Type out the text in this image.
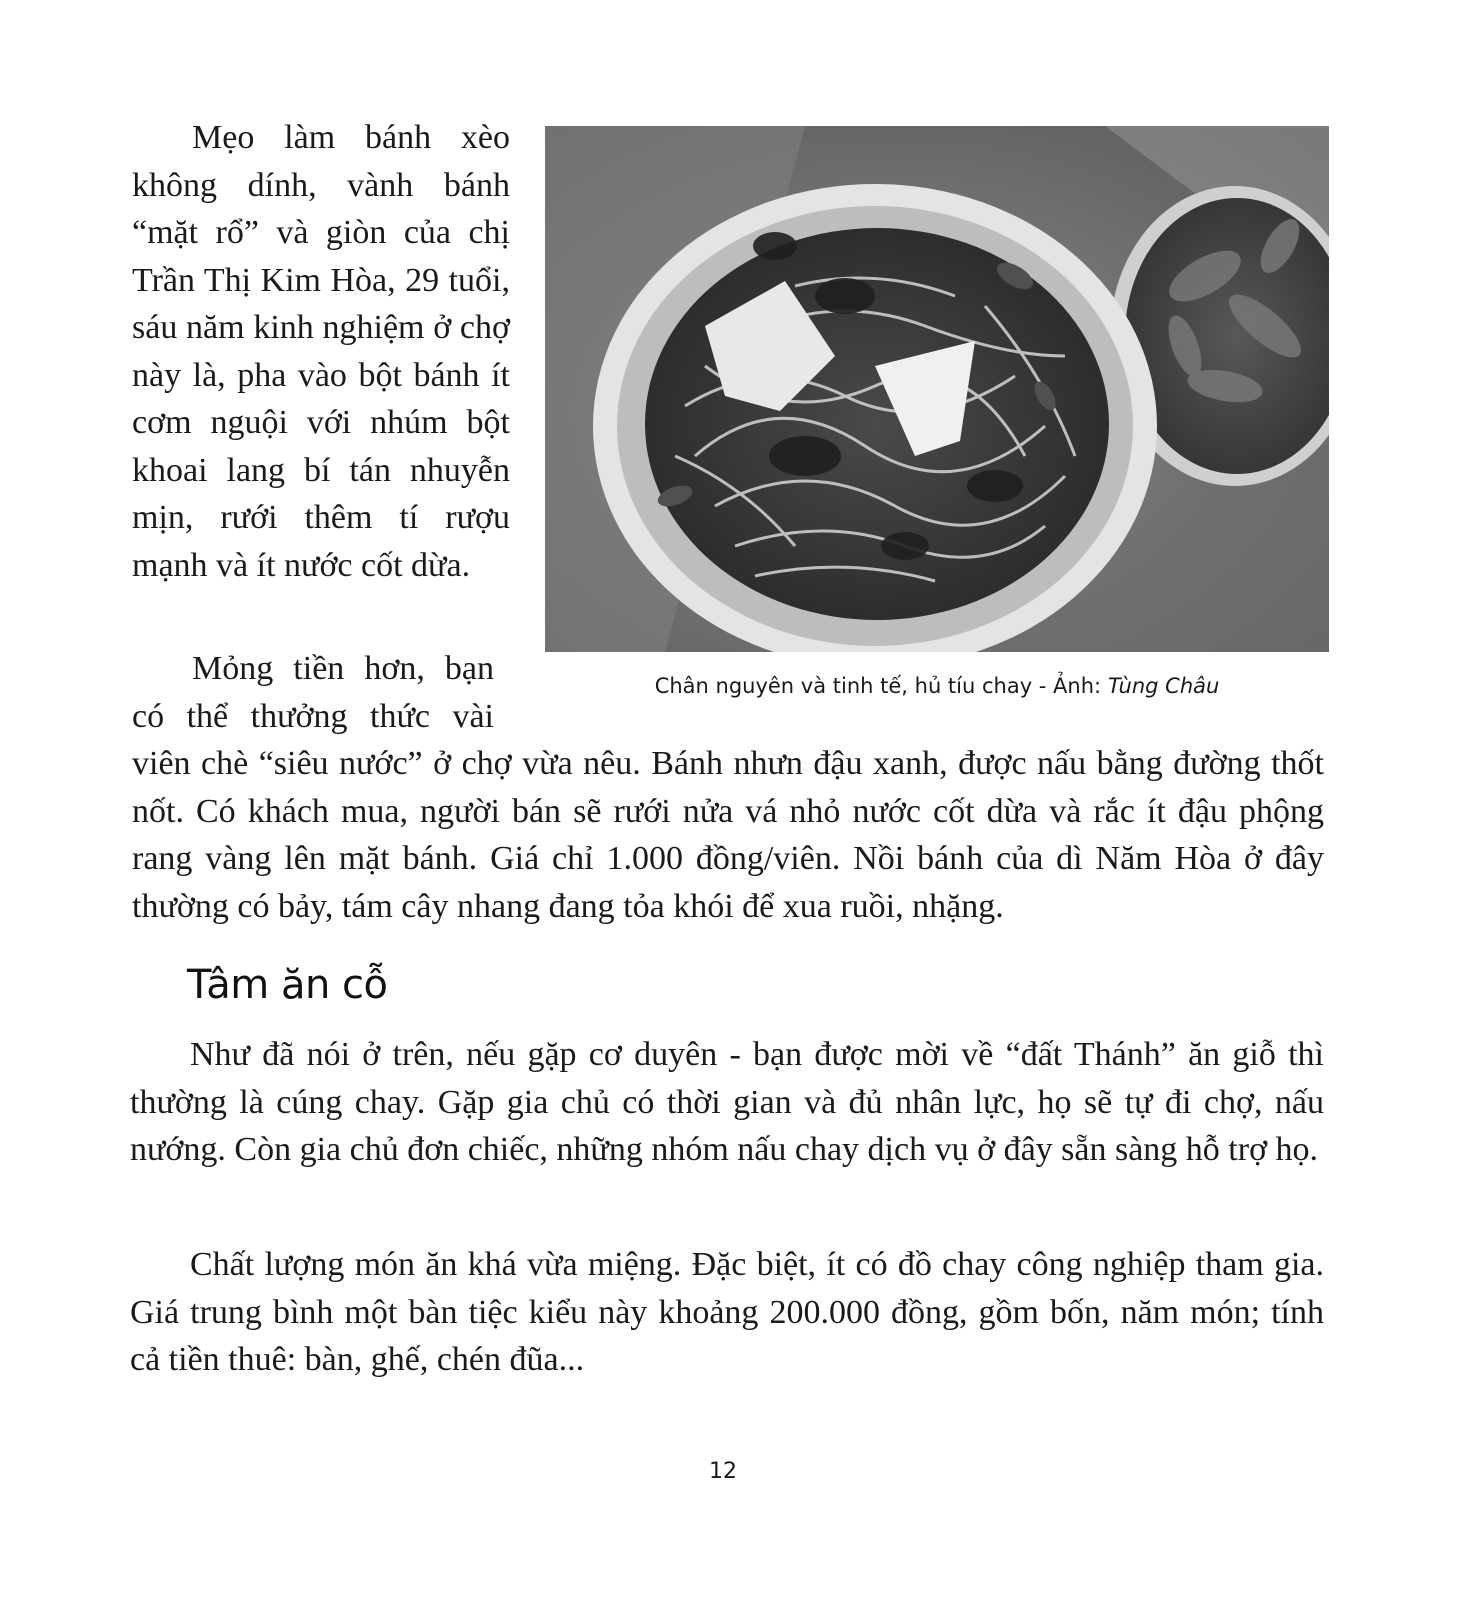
Mẹo làm bánh xèo không dính, vành bánh “mặt rổ” và giòn của chị Trần Thị Kim Hòa, 29 tuổi, sáu năm kinh nghiệm ở chợ này là, pha vào bột bánh ít cơm nguội với nhúm bột khoai lang bí tán nhuyễn mịn, rưới thêm tí rượu mạnh và ít nước cốt dừa.

Chân nguyên và tinh tế, hủ tíu chay - Ảnh: Tùng Châu

Mỏng tiền hơn, bạn có thể thưởng thức vài viên chè “siêu nước” ở chợ vừa nêu. Bánh nhưn đậu xanh, được nấu bằng đường thốt nốt. Có khách mua, người bán sẽ rưới nửa vá nhỏ nước cốt dừa và rắc ít đậu phộng rang vàng lên mặt bánh. Giá chỉ 1.000 đồng/viên. Nồi bánh của dì Năm Hòa ở đây thường có bảy, tám cây nhang đang tỏa khói để xua ruồi, nhặng.

Tâm ăn cỗ

Như đã nói ở trên, nếu gặp cơ duyên - bạn được mời về “đất Thánh” ăn giỗ thì thường là cúng chay. Gặp gia chủ có thời gian và đủ nhân lực, họ sẽ tự đi chợ, nấu nướng. Còn gia chủ đơn chiếc, những nhóm nấu chay dịch vụ ở đây sẵn sàng hỗ trợ họ.

Chất lượng món ăn khá vừa miệng. Đặc biệt, ít có đồ chay công nghiệp tham gia. Giá trung bình một bàn tiệc kiểu này khoảng 200.000 đồng, gồm bốn, năm món; tính cả tiền thuê: bàn, ghế, chén đũa...

12
